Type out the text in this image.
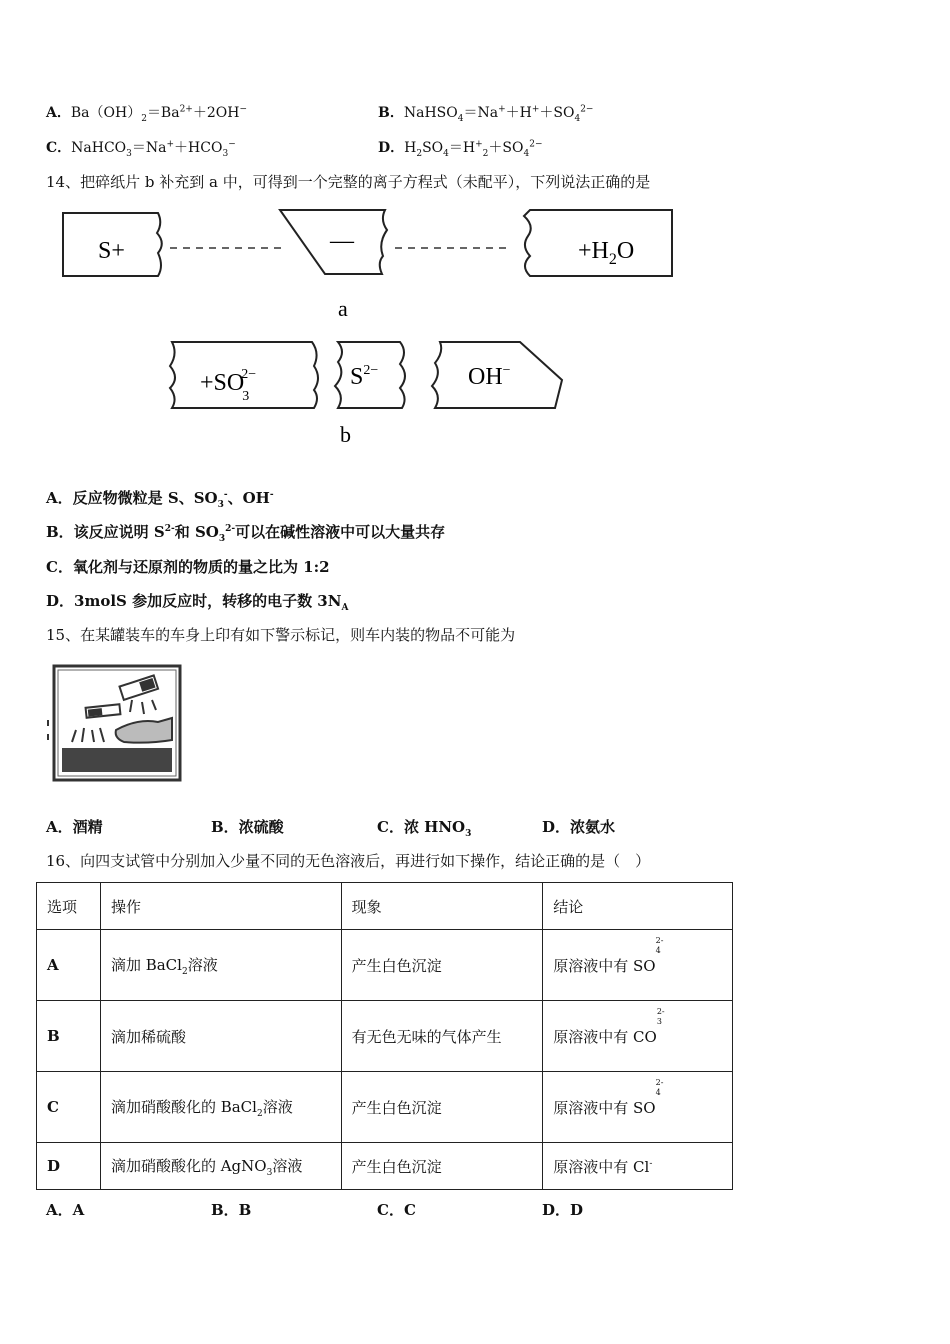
A．$Ba(OH)_2=Ba^{2+}+2OH^-$	B．$NaHSO_4=Na^++H^++SO_4^{2-}$
C．$NaHCO_3=Na^++HCO_3^-$	D．$H_2SO_4=H^+_2+SO_4^{2-}$
14、把碎纸片 b 补充到 a 中，可得到一个完整的离子方程式（未配平），下列说法正确的是
S+	—	$+H_2O$
a
+SO 32−	$S^{2-}$	OH−
b
A．反应物微粒是 S、$SO_3^-$、OH-
B．该反应说明 $S^{2-}$和 $SO_3^{2-}$可以在碱性溶液中可以大量共存
C．氧化剂与还原剂的物质的量之比为 1:2
D．3molS 参加反应时，转移的电子数 $3N_A$
15、在某罐装车的车身上印有如下警示标记，则车内装的物品不可能为
A．酒精	B．浓硫酸	C．浓 $HNO_3$	D．浓氨水
16、向四支试管中分别加入少量不同的无色溶液后，再进行如下操作，结论正确的是（　）
选项	操作	现象	结论
A	滴加 BaCl$_2$溶液	产生白色沉淀	原溶液中有 SO
2-
4

B	滴加稀硫酸	有无色无味的气体产生	原溶液中有 CO
2-
3

C	滴加硝酸酸化的 BaCl$_2$溶液	产生白色沉淀	原溶液中有 SO
2-
4

D	滴加硝酸酸化的 AgNO$_3$溶液	产生白色沉淀	原溶液中有 Cl-
A．A	B．B	C．C	D．D
